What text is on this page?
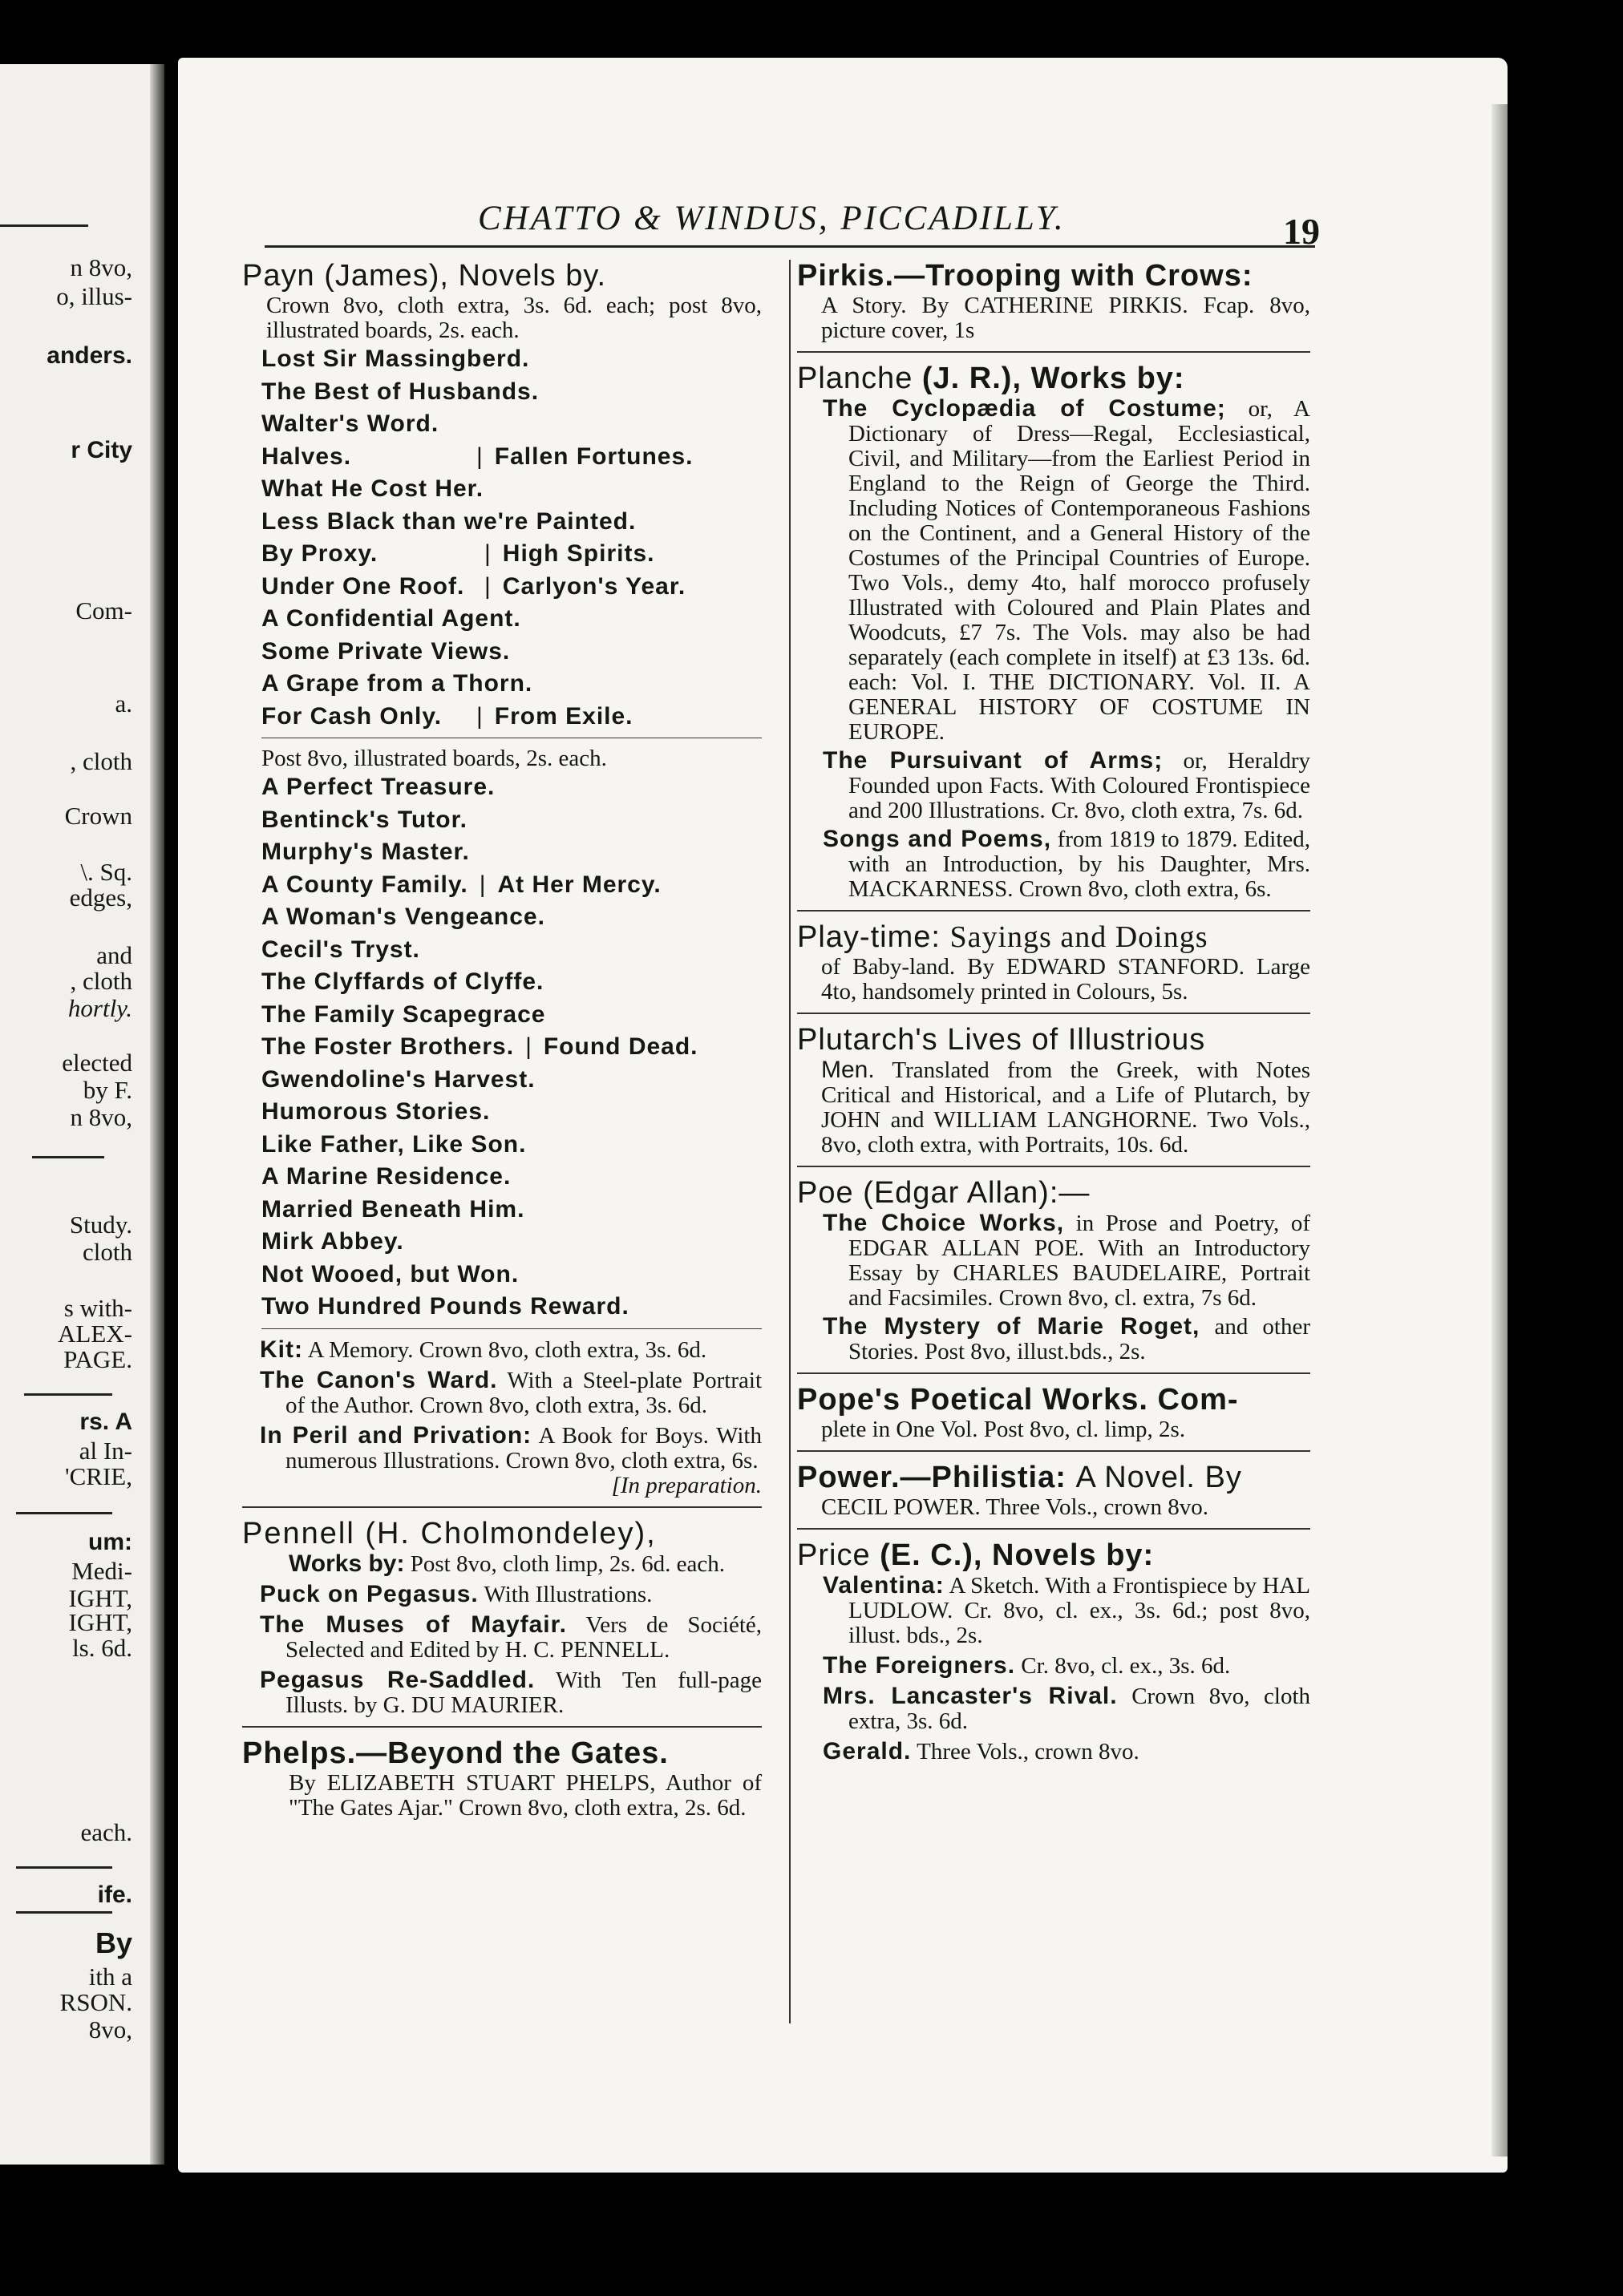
n 8vo,
o, illus-
anders.
r City
Com-
a.
, cloth
Crown
\. Sq.
edges,
and
, cloth
hortly.
elected
by F.
n 8vo,
Study.
cloth
s with-
ALEX-
PAGE.
rs. A
al In-
'CRIE,
um:
Medi-
IGHT,
IGHT,
ls. 6d.
each.
ife.
By
ith a
RSON.
8vo,
CHATTO & WINDUS, PICCADILLY.	19
Payn (James), Novels by.
Crown 8vo, cloth extra, 3s. 6d. each; post 8vo, illustrated boards, 2s. each.
Lost Sir Massingberd.
The Best of Husbands.
Walter's Word.
Halves.	| Fallen Fortunes.
What He Cost Her.
Less Black than we're Painted.
By Proxy.	| High Spirits.
Under One Roof. | Carlyon's Year.
A Confidential Agent.
Some Private Views.
A Grape from a Thorn.
For Cash Only.	| From Exile.
Post 8vo, illustrated boards, 2s. each.
A Perfect Treasure.
Bentinck's Tutor.
Murphy's Master.
A County Family. | At Her Mercy.
A Woman's Vengeance.
Cecil's Tryst.
The Clyffards of Clyffe.
The Family Scapegrace
The Foster Brothers. | Found Dead.
Gwendoline's Harvest.
Humorous Stories.
Like Father, Like Son.
A Marine Residence.
Married Beneath Him.
Mirk Abbey.
Not Wooed, but Won.
Two Hundred Pounds Reward.
Kit: A Memory. Crown 8vo, cloth extra, 3s. 6d.
The Canon's Ward. With a Steel-plate Portrait of the Author. Crown 8vo, cloth extra, 3s. 6d.
In Peril and Privation: A Book for Boys. With numerous Illustrations. Crown 8vo, cloth extra, 6s.
[In preparation.
Pennell (H. Cholmondeley),
Works by: Post 8vo, cloth limp, 2s. 6d. each.
Puck on Pegasus. With Illustrations.
The Muses of Mayfair. Vers de Société, Selected and Edited by H. C. PENNELL.
Pegasus Re-Saddled. With Ten full-page Illusts. by G. DU MAURIER.
Phelps.—Beyond the Gates.
By ELIZABETH STUART PHELPS, Author of "The Gates Ajar." Crown 8vo, cloth extra, 2s. 6d.
Pirkis.—Trooping with Crows:
A Story. By CATHERINE PIRKIS. Fcap. 8vo, picture cover, 1s
Planche (J. R.), Works by:
The Cyclopædia of Costume; or, A Dictionary of Dress—Regal, Ecclesiastical, Civil, and Military—from the Earliest Period in England to the Reign of George the Third. Including Notices of Contemporaneous Fashions on the Continent, and a General History of the Costumes of the Principal Countries of Europe. Two Vols., demy 4to, half morocco profusely Illustrated with Coloured and Plain Plates and Woodcuts, £7 7s. The Vols. may also be had separately (each complete in itself) at £3 13s. 6d. each: Vol. I. THE DICTIONARY. Vol. II. A GENERAL HISTORY OF COSTUME IN EUROPE.
The Pursuivant of Arms; or, Heraldry Founded upon Facts. With Coloured Frontispiece and 200 Illustrations. Cr. 8vo, cloth extra, 7s. 6d.
Songs and Poems, from 1819 to 1879. Edited, with an Introduction, by his Daughter, Mrs. MACKARNESS. Crown 8vo, cloth extra, 6s.
Play-time: Sayings and Doings
of Baby-land. By EDWARD STANFORD. Large 4to, handsomely printed in Colours, 5s.
Plutarch's Lives of Illustrious
Men. Translated from the Greek, with Notes Critical and Historical, and a Life of Plutarch, by JOHN and WILLIAM LANGHORNE. Two Vols., 8vo, cloth extra, with Portraits, 10s. 6d.
Poe (Edgar Allan):—
The Choice Works, in Prose and Poetry, of EDGAR ALLAN POE. With an Introductory Essay by CHARLES BAUDELAIRE, Portrait and Facsimiles. Crown 8vo, cl. extra, 7s 6d.
The Mystery of Marie Roget, and other Stories. Post 8vo, illust.bds., 2s.
Pope's Poetical Works. Com-
plete in One Vol. Post 8vo, cl. limp, 2s.
Power.—Philistia: A Novel. By
CECIL POWER. Three Vols., crown 8vo.
Price (E. C.), Novels by:
Valentina: A Sketch. With a Frontispiece by HAL LUDLOW. Cr. 8vo, cl. ex., 3s. 6d.; post 8vo, illust. bds., 2s.
The Foreigners. Cr. 8vo, cl. ex., 3s. 6d.
Mrs. Lancaster's Rival. Crown 8vo, cloth extra, 3s. 6d.
Gerald. Three Vols., crown 8vo.
